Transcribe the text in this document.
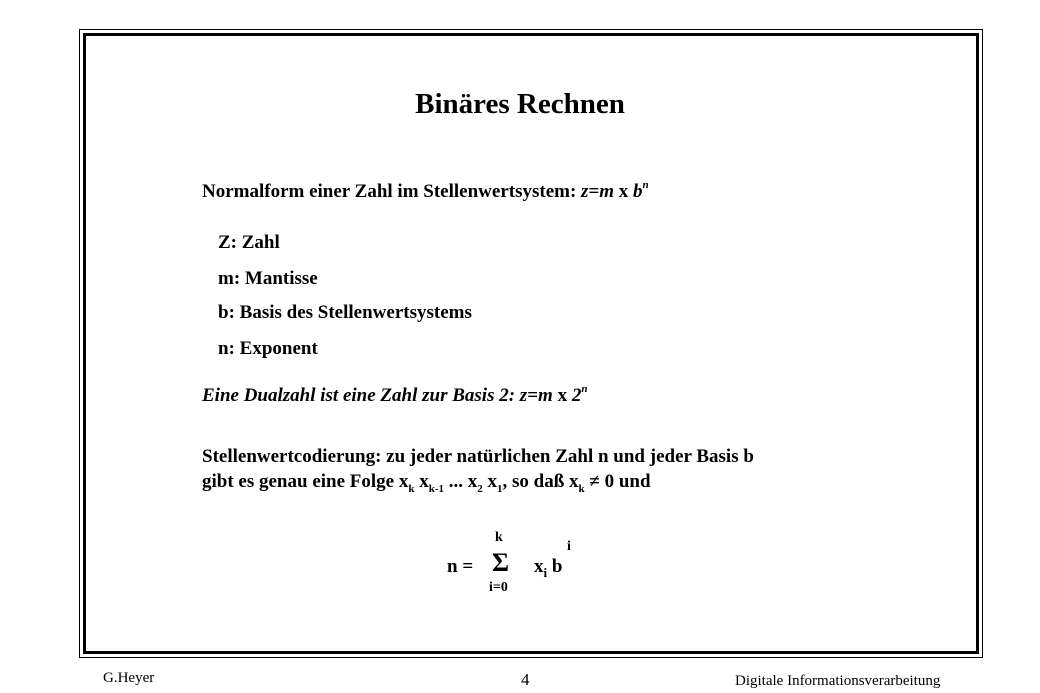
Binäres Rechnen
Normalform einer Zahl im Stellenwertsystem: z=m x $b^n$
Z: Zahl
m: Mantisse
b: Basis des Stellenwertsystems
n: Exponent
Eine Dualzahl ist eine Zahl zur Basis 2: z=m x 2$^n$
Stellenwertcodierung: zu jeder natürlichen Zahl n und jeder Basis b
gibt es genau eine Folge $x_k$ $x_{k-1}$ ... $x_2$ $x_1$, so daß $x_k \ne 0$ und
n =
k
Σ
i=0
$x_i$ b
i
G.Heyer	4	Digitale Informationsverarbeitung
